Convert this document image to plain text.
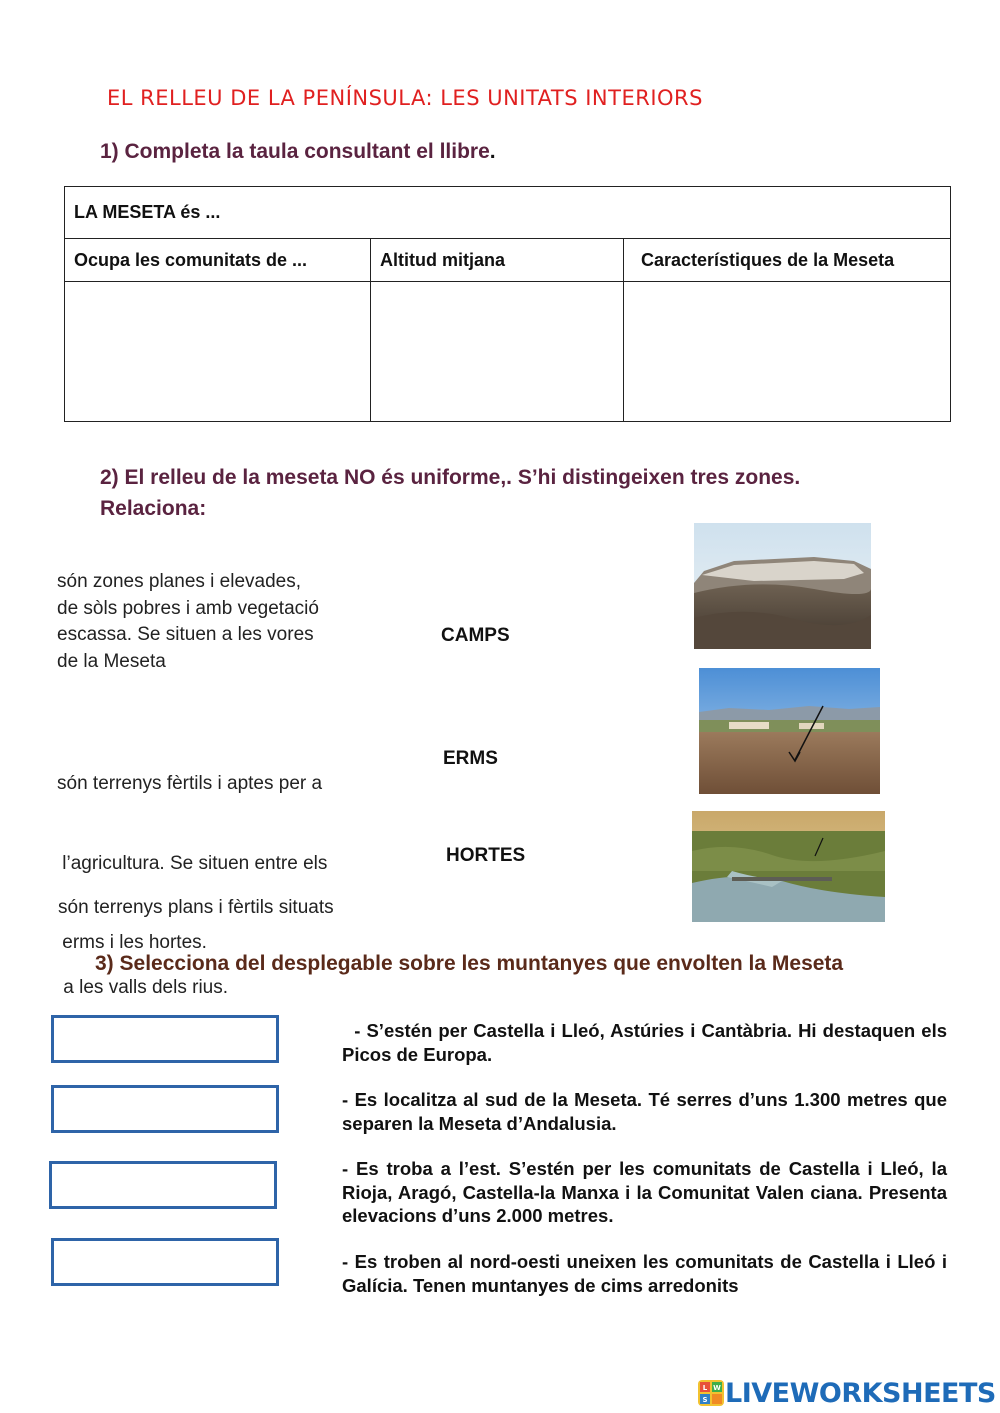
EL RELLEU DE LA PENÍNSULA: LES UNITATS INTERIORS
1) Completa la taula consultant el llibre.
LA MESETA és ...		
Ocupa les comunitats de ...	Altitud mitjana	Característiques de la Meseta

2) El relleu de la meseta NO és uniforme,. S’hi distingeixen tres zones.
Relaciona:
són zones planes i elevades,
de sòls pobres i amb vegetació
escassa. Se situen a les vores
de la Meseta

són terrenys fèrtils i aptes per a

l’agricultura. Se situen entre els

erms i les hortes.

són terrenys plans i fèrtils situats

a les valls dels rius.

CAMPS
ERMS
HORTES
3) Selecciona del desplegable sobre les muntanyes que envolten la Meseta
- S’estén per Castella i Lleó, Astúries i Cantàbria. Hi destaquen els Picos de Europa.
- Es localitza al sud de la Meseta. Té serres d’uns 1.300 metres que separen la Meseta d’Andalusia.
- Es troba a l’est. S’estén per les comunitats de Castella i Lleó, la Rioja, Aragó, Castella-la Manxa i la Comunitat Valen ciana. Presenta elevacions d’uns 2.000 metres.
- Es troben al nord-oesti uneixen les comunitats de Castella i Lleó i Galícia. Tenen muntanyes de cims arredonits
L W
S LIVEWORKSHEETS
